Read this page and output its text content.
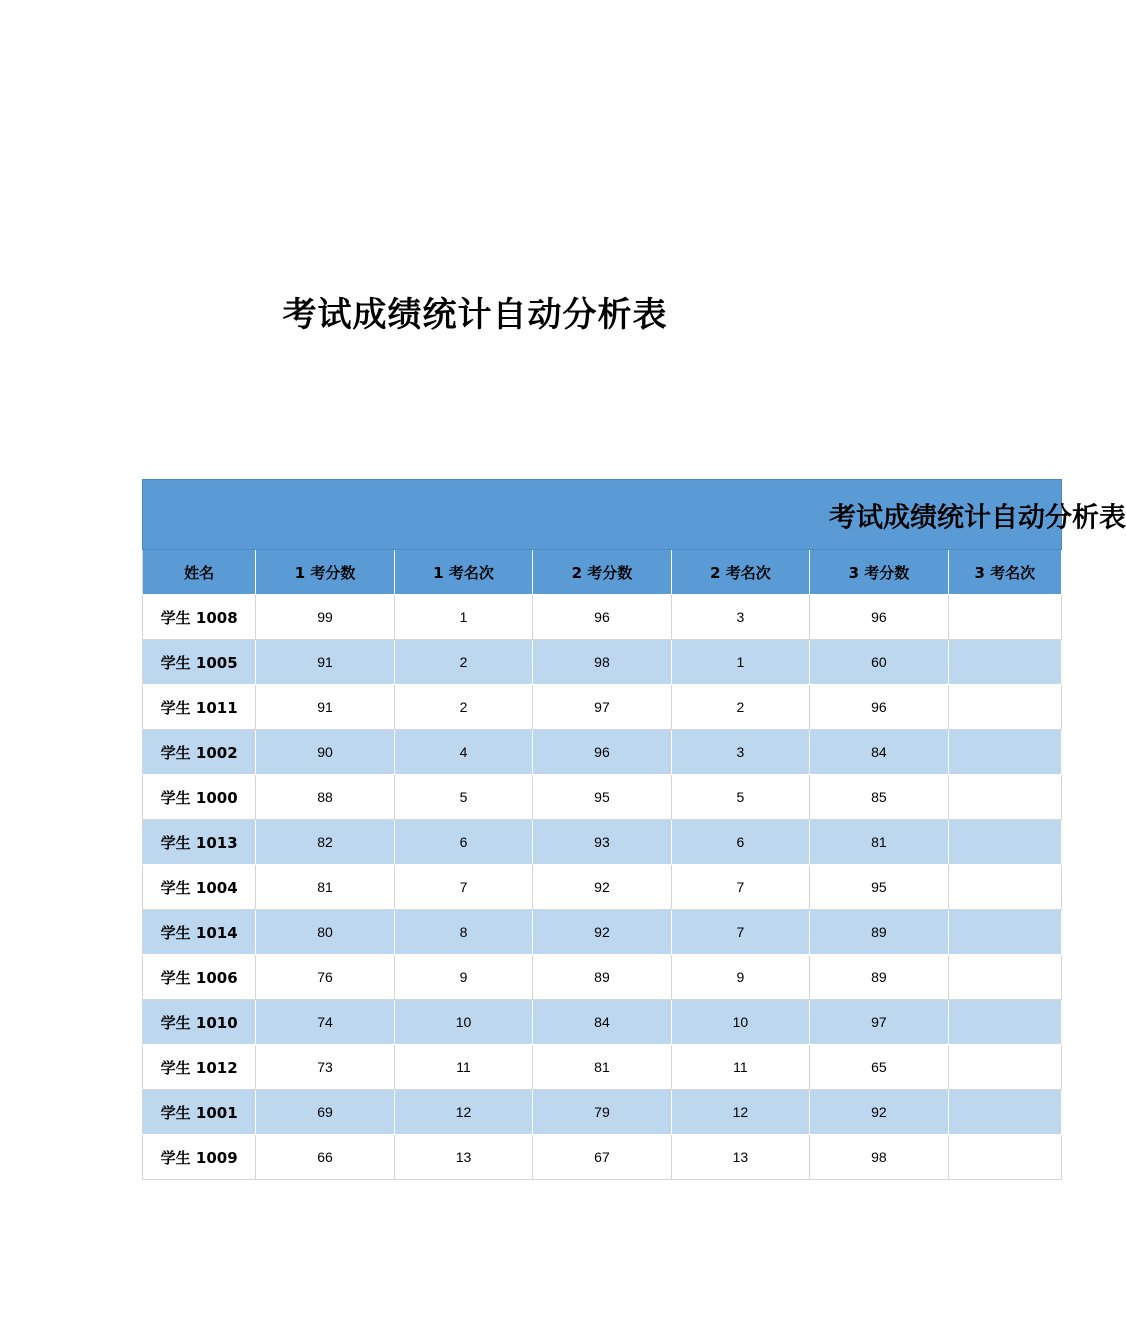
考试成绩统计自动分析表
考试成绩统计自动分析表						

姓名	1 考分数	1 考名次	2 考分数	2 考名次	3 考分数	3 考名次
学生 1008	99	1	96	3	96	
学生 1005	91	2	98	1	60	
学生 1011	91	2	97	2	96	
学生 1002	90	4	96	3	84	
学生 1000	88	5	95	5	85	
学生 1013	82	6	93	6	81	
学生 1004	81	7	92	7	95	
学生 1014	80	8	92	7	89	
学生 1006	76	9	89	9	89	
学生 1010	74	10	84	10	97	
学生 1012	73	11	81	11	65	
学生 1001	69	12	79	12	92	
学生 1009	66	13	67	13	98	
